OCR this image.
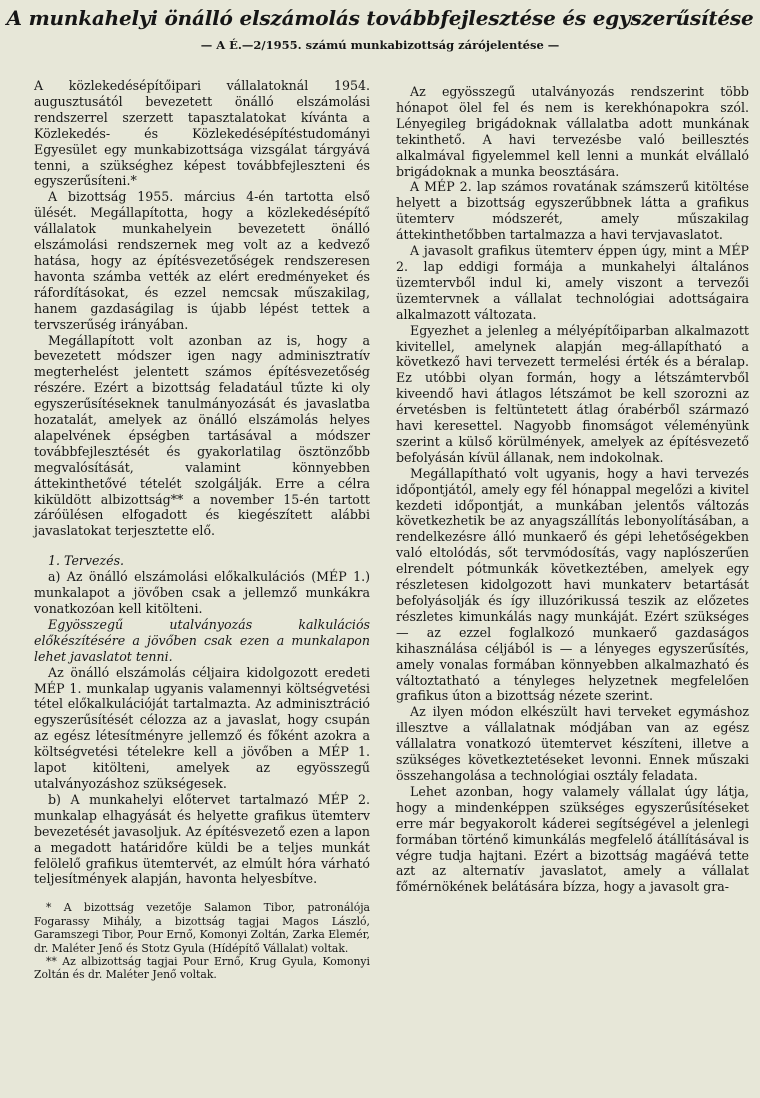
A munkahelyi önálló elszámolás továbbfejlesztése és egyszerűsítése
— A É.—2/1955. számú munkabizottság zárójelentése —

A közlekedésépítőipari vállalatoknál 1954. augusztusától bevezetett önálló elszámolási rendszerrel szerzett tapasztalatokat kívánta a Közlekedés- és Közlekedésépítéstudományi Egyesület egy munkabizottsága vizsgálat tárgyává tenni, a szükséghez képest továbbfejleszteni és egyszerűsíteni.*

A bizottság 1955. március 4-én tartotta első ülését. Megállapította, hogy a közlekedésépítő vállalatok munkahelyein bevezetett önálló elszámolási rendszernek meg volt az a kedvező hatása, hogy az építésvezetőségek rendszeresen havonta számba vették az elért eredményeket és ráfordításokat, és ezzel nemcsak műszakilag, hanem gazdaságilag is újabb lépést tettek a tervszerűség irányában.

Megállapított volt azonban az is, hogy a bevezetett módszer igen nagy adminisztratív megterhelést jelentett számos építésvezetőség részére. Ezért a bizottság feladatául tűzte ki oly egyszerűsítéseknek tanulmányozását és javaslatba hozatalát, amelyek az önálló elszámolás helyes alapelvének épségben tartásával a módszer továbbfejlesztését és gyakorlatilag ösztönzőbb megvalósítását, valamint könnyebben áttekinthetővé tételét szolgálják. Erre a célra kiküldött albizottság** a november 15-én tartott záróülésen elfogadott és kiegészített alábbi javaslatokat terjesztette elő.

1. Tervezés.

a) Az önálló elszámolási előkalkulációs (MÉP 1.) munkalapot a jövőben csak a jellemző munkákra vonatkozóan kell kitölteni.

Egyösszegű utalványozás kalkulációs előkészítésére a jövőben csak ezen a munkalapon lehet javaslatot tenni.

Az önálló elszámolás céljaira kidolgozott eredeti MÉP 1. munkalap ugyanis valamennyi költségvetési tétel előkalkulációját tartalmazta. Az adminisztráció egyszerűsítését célozza az a javaslat, hogy csupán az egész létesítményre jellemző és főként azokra a költségvetési tételekre kell a jövőben a MÉP 1. lapot kitölteni, amelyek az egyösszegű utalványozáshoz szükségesek.

b) A munkahelyi előtervet tartalmazó MÉP 2. munkalap elhagyását és helyette grafikus ütemterv bevezetését javasoljuk. Az építésvezető ezen a lapon a megadott határidőre küldi be a teljes munkát felölelő grafikus ütemtervét, az elmúlt hóra várható teljesítmények alapján, havonta helyesbítve.

* A bizottság vezetője Salamon Tibor, patronálója Fogarassy Mihály, a bizottság tagjai Magos László, Garamszegi Tibor, Pour Ernő, Komonyi Zoltán, Zarka Elemér, dr. Maléter Jenő és Stotz Gyula (Hídépítő Vállalat) voltak.

** Az albizottság tagjai Pour Ernő, Krug Gyula, Komonyi Zoltán és dr. Maléter Jenő voltak.

Az egyösszegű utalványozás rendszerint több hónapot ölel fel és nem is kerekhónapokra szól. Lényegileg brigádoknak vállalatba adott munkának tekinthető. A havi tervezésbe való beillesztés alkalmával figyelemmel kell lenni a munkát elvállaló brigádoknak a munka beosztására.

A MÉP 2. lap számos rovatának számszerű kitöltése helyett a bizottság egyszerűbbnek látta a grafikus ütemterv módszerét, amely műszakilag áttekinthetőbben tartalmazza a havi tervjavaslatot.

A javasolt grafikus ütemterv éppen úgy, mint a MÉP 2. lap eddigi formája a munkahelyi általános üzemtervből indul ki, amely viszont a tervezői üzemtervnek a vállalat technológiai adottságaira alkalmazott változata.

Egyezhet a jelenleg a mélyépítőiparban alkalmazott kivitellel, amelynek alapján meg-állapítható a következő havi tervezett termelési érték és a béralap. Ez utóbbi olyan formán, hogy a létszámtervből kiveendő havi átlagos létszámot be kell szorozni az érvetésben is feltüntetett átlag órabérből származó havi keresettel. Nagyobb finomságot véleményünk szerint a külső körülmények, amelyek az építésvezető befolyásán kívül állanak, nem indokolnak.

Megállapítható volt ugyanis, hogy a havi tervezés időpontjától, amely egy fél hónappal megelőzi a kivitel kezdeti időpontját, a munkában jelentős változás következhetik be az anyagszállítás lebonyolításában, a rendelkezésre álló munkaerő és gépi lehetőségekben való eltolódás, sőt tervmódosítás, vagy naplószerűen elrendelt pótmunkák következtében, amelyek egy részletesen kidolgozott havi munkaterv betartását befolyásolják és így illuzórikussá teszik az előzetes részletes kimunkálás nagy munkáját. Ezért szükséges — az ezzel foglalkozó munkaerő gazdaságos kihasználása céljából is — a lényeges egyszerűsítés, amely vonalas formában könnyebben alkalmazható és változtatható a tényleges helyzetnek megfelelően grafikus úton a bizottság nézete szerint.

Az ilyen módon elkészült havi terveket egymáshoz illesztve a vállalatnak módjában van az egész vállalatra vonatkozó ütemtervet készíteni, illetve a szükséges következtetéseket levonni. Ennek műszaki összehangolása a technológiai osztály feladata.

Lehet azonban, hogy valamely vállalat úgy látja, hogy a mindenképpen szükséges egyszerűsítéseket erre már begyakorolt káderei segítségével a jelenlegi formában történő kimunkálás megfelelő átállításával is végre tudja hajtani. Ezért a bizottság magáévá tette azt az alternatív javaslatot, amely a vállalat főmérnökének belátására bízza, hogy a javasolt gra-
